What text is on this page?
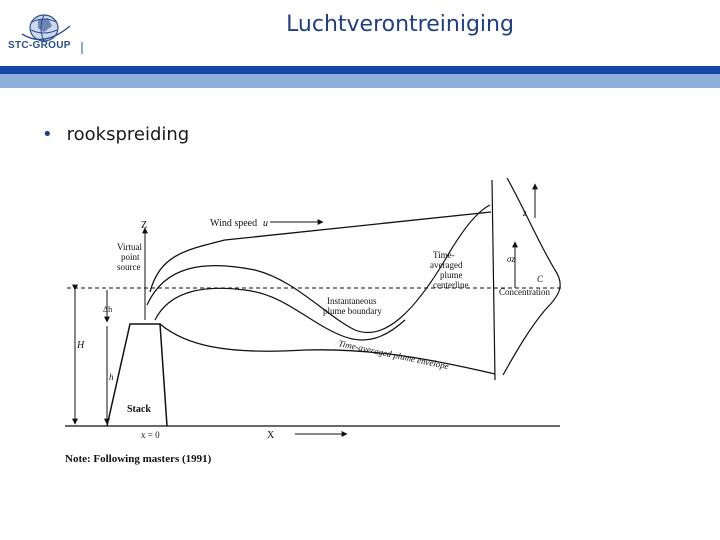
STC-GROUP
Luchtverontreiniging
• rookspreiding
Z
Virtual
point
source
Wind speed u
Time-
averaged
plume
centerline
Instantaneous
plume boundary
Time-averaged plume envelope
Δh
H
h
Stack
x = 0	X
σz
C
Concentration
z
Note: Following masters (1991)
